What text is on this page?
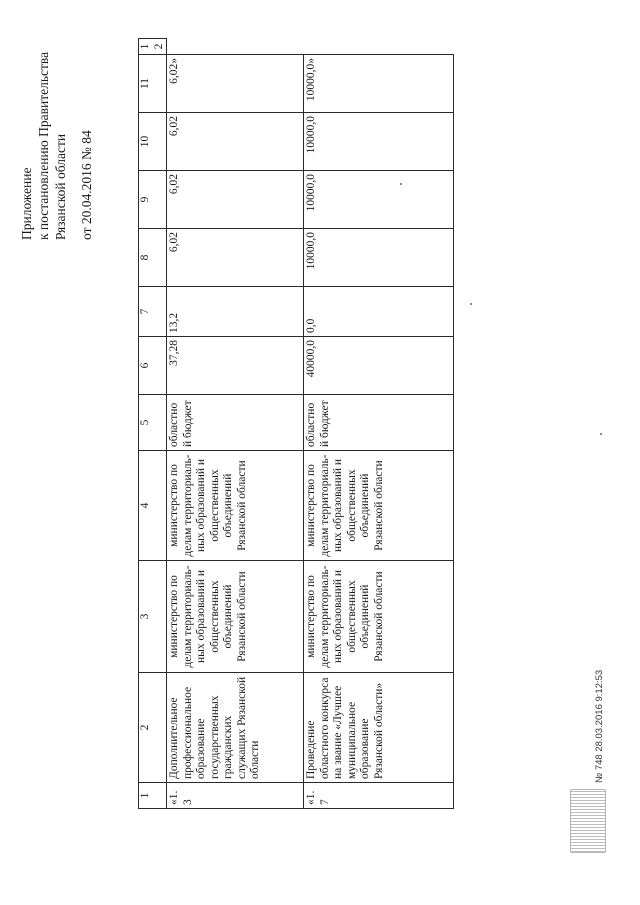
Приложение к постановлению Правительства Рязанской области от 20.04.2016 № 84
1	2	3	4	5	6	7	8	9	10	11	12
«1.3	Дополнительное профессиональное образование государственных гражданских служащих Рязанской области	министерство по делам территориаль-ных образований и общественных объединений Рязанской области	министерство по делам территориаль-ных образований и общественных объединений Рязанской области	областной бюджет	37,28	13,2	6,02	6,02	6,02	6,02»	
«1.7	Проведение областного конкурса на звание «Лучшее муниципальное образование Рязанской области»	министерство по делам территориаль-ных образований и общественных объединений Рязанской области	министерство по делам территориаль-ных образований и общественных объединений Рязанской области	областной бюджет	40000,0	0,0	10000,0	10000,0	10000,0	10000,0»	
№ 748 28.03.2016 9:12:53
